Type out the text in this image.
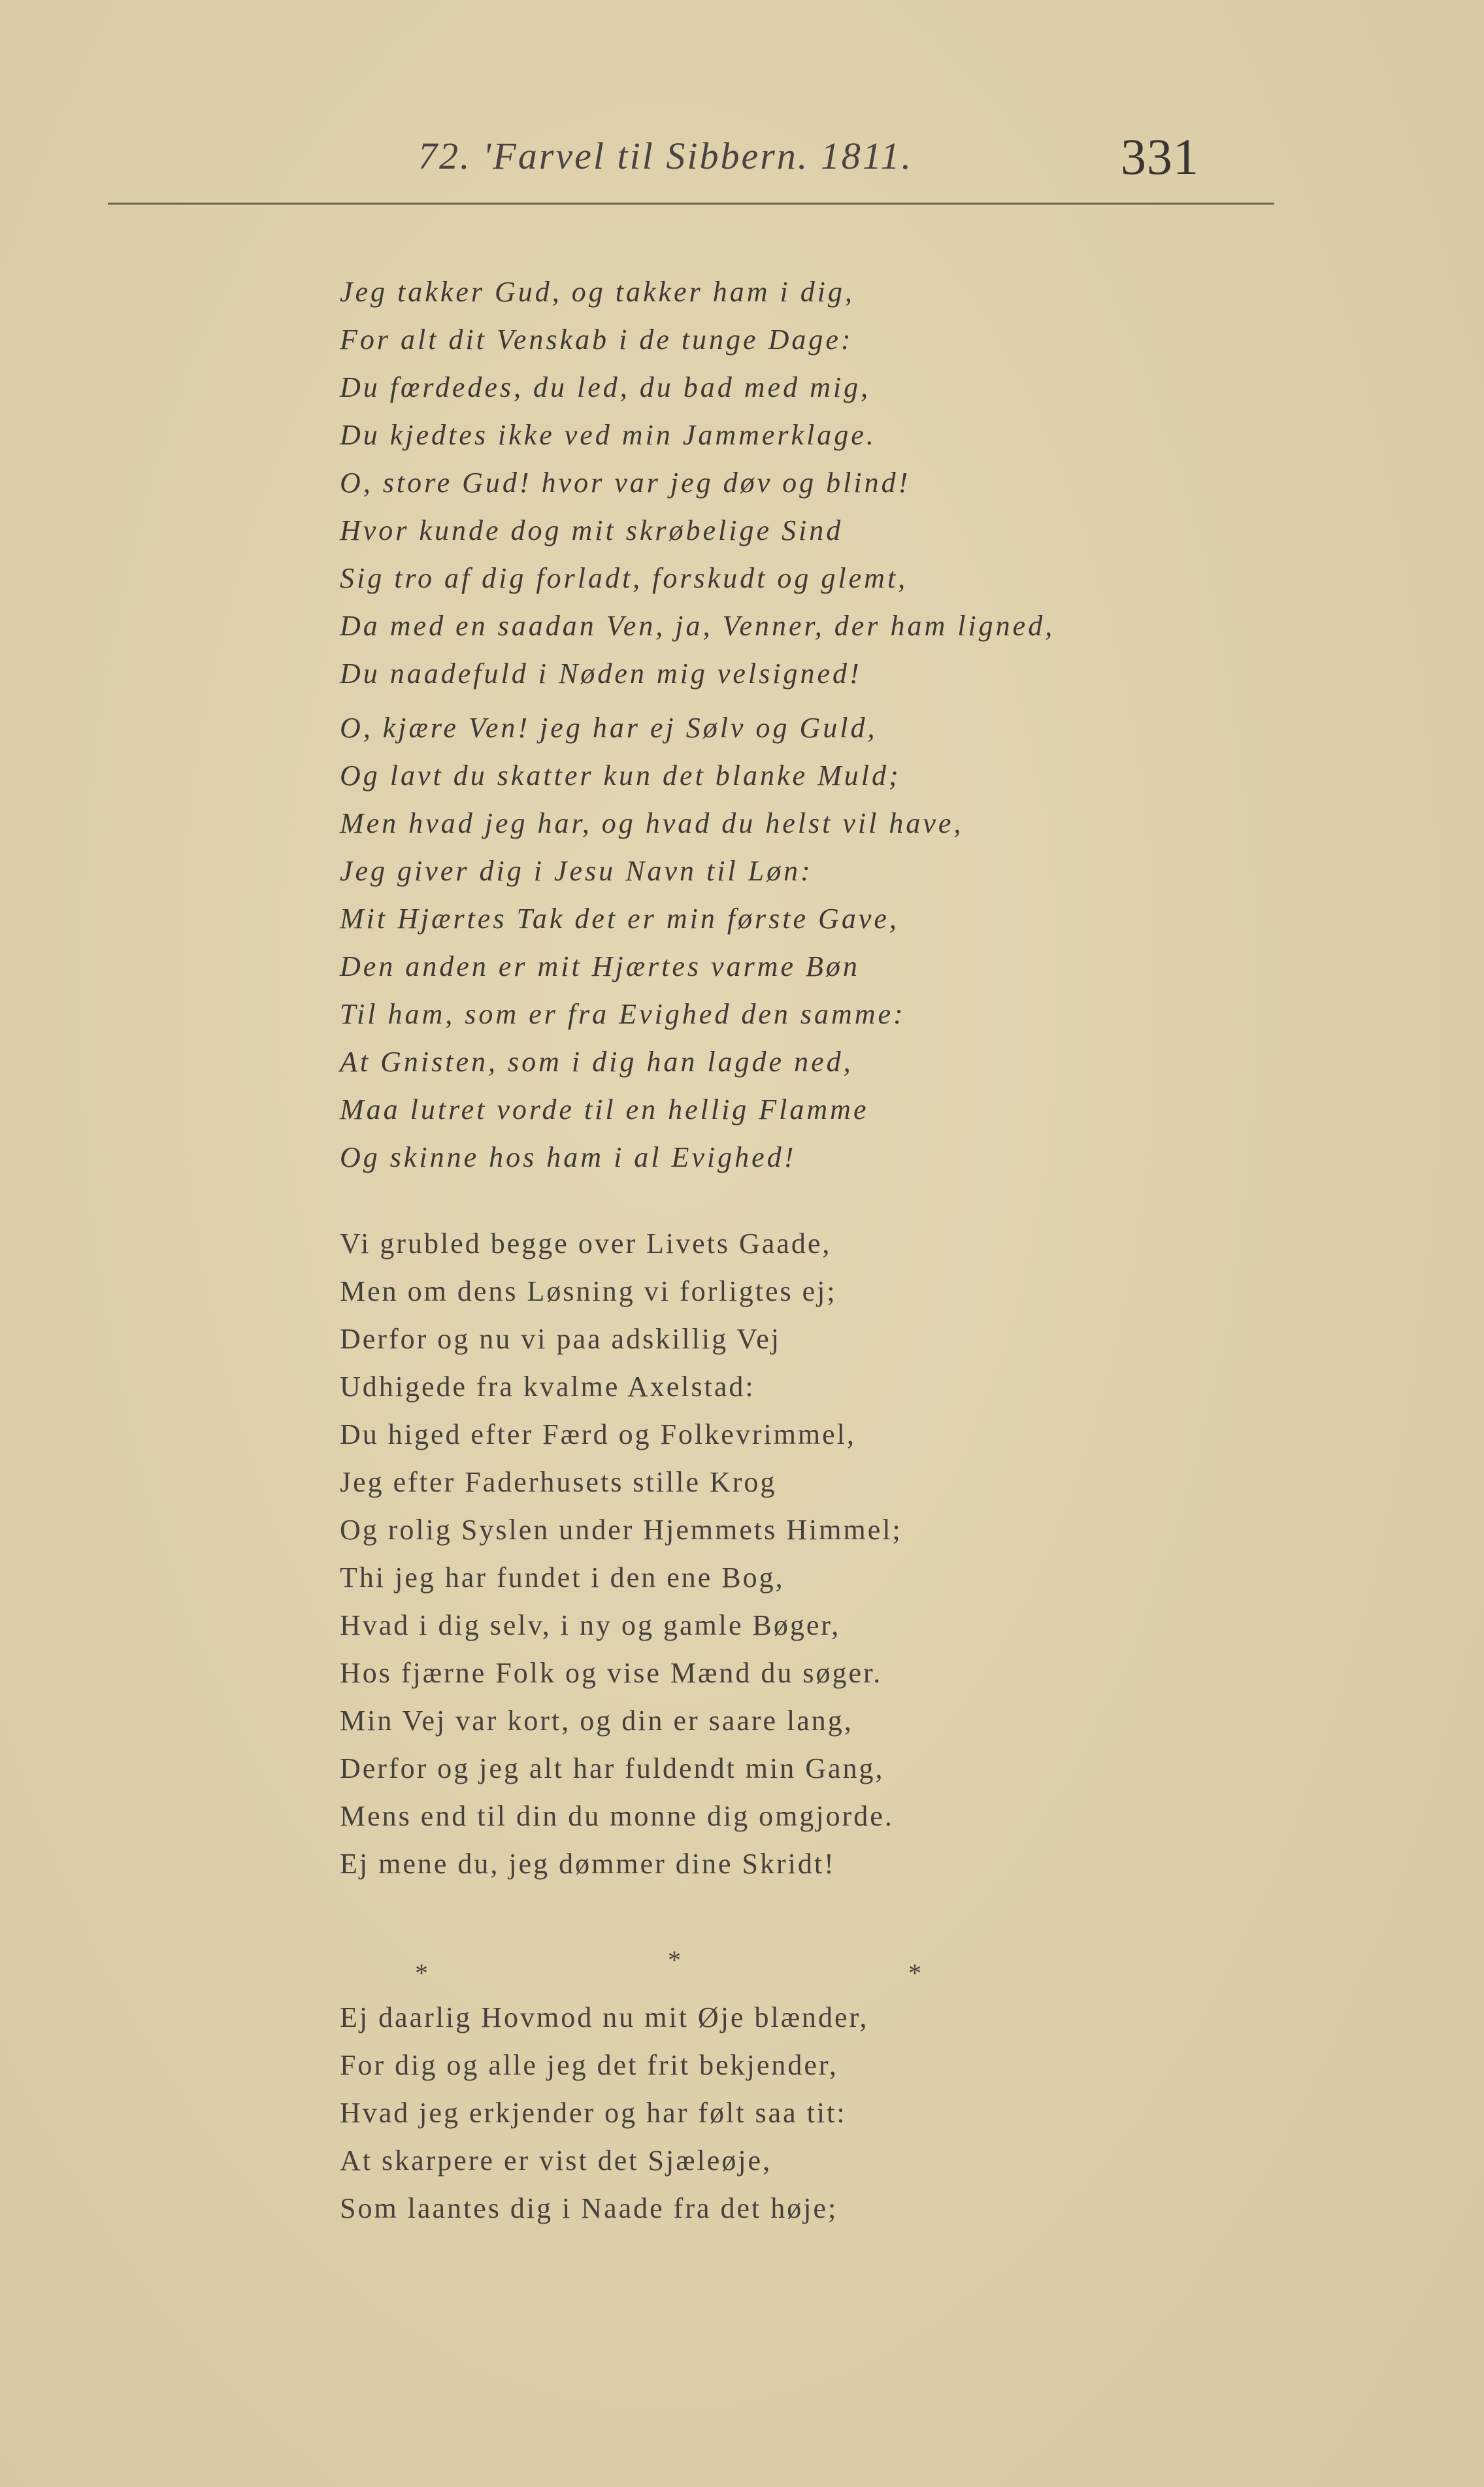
72. 'Farvel til Sibbern. 1811.	331
Jeg takker Gud, og takker ham i dig,
For alt dit Venskab i de tunge Dage:
Du fœrdedes, du led, du bad med mig,
Du kjedtes ikke ved min Jammerklage.
O, store Gud! hvor var jeg døv og blind!
Hvor kunde dog mit skrøbelige Sind
Sig tro af dig forladt, forskudt og glemt,
Da med en saadan Ven, ja, Venner, der ham ligned,
Du naadefuld i Nøden mig velsigned!
O, kjære Ven! jeg har ej Sølv og Guld,
Og lavt du skatter kun det blanke Muld;
Men hvad jeg har, og hvad du helst vil have,
Jeg giver dig i Jesu Navn til Løn:
Mit Hjærtes Tak det er min første Gave,
Den anden er mit Hjærtes varme Bøn
Til ham, som er fra Evighed den samme:
At Gnisten, som i dig han lagde ned,
Maa lutret vorde til en hellig Flamme
Og skinne hos ham i al Evighed!
Vi grubled begge over Livets Gaade,
Men om dens Løsning vi forligtes ej;
Derfor og nu vi paa adskillig Vej
Udhigede fra kvalme Axelstad:
Du higed efter Færd og Folkevrimmel,
Jeg efter Faderhusets stille Krog
Og rolig Syslen under Hjemmets Himmel;
Thi jeg har fundet i den ene Bog,
Hvad i dig selv, i ny og gamle Bøger,
Hos fjærne Folk og vise Mænd du søger.
Min Vej var kort, og din er saare lang,
Derfor og jeg alt har fuldendt min Gang,
Mens end til din du monne dig omgjorde.
Ej mene du, jeg dømmer dine Skridt!
*	*	*
Ej daarlig Hovmod nu mit Øje blænder,
For dig og alle jeg det frit bekjender,
Hvad jeg erkjender og har følt saa tit:
At skarpere er vist det Sjæleøje,
Som laantes dig i Naade fra det høje;
